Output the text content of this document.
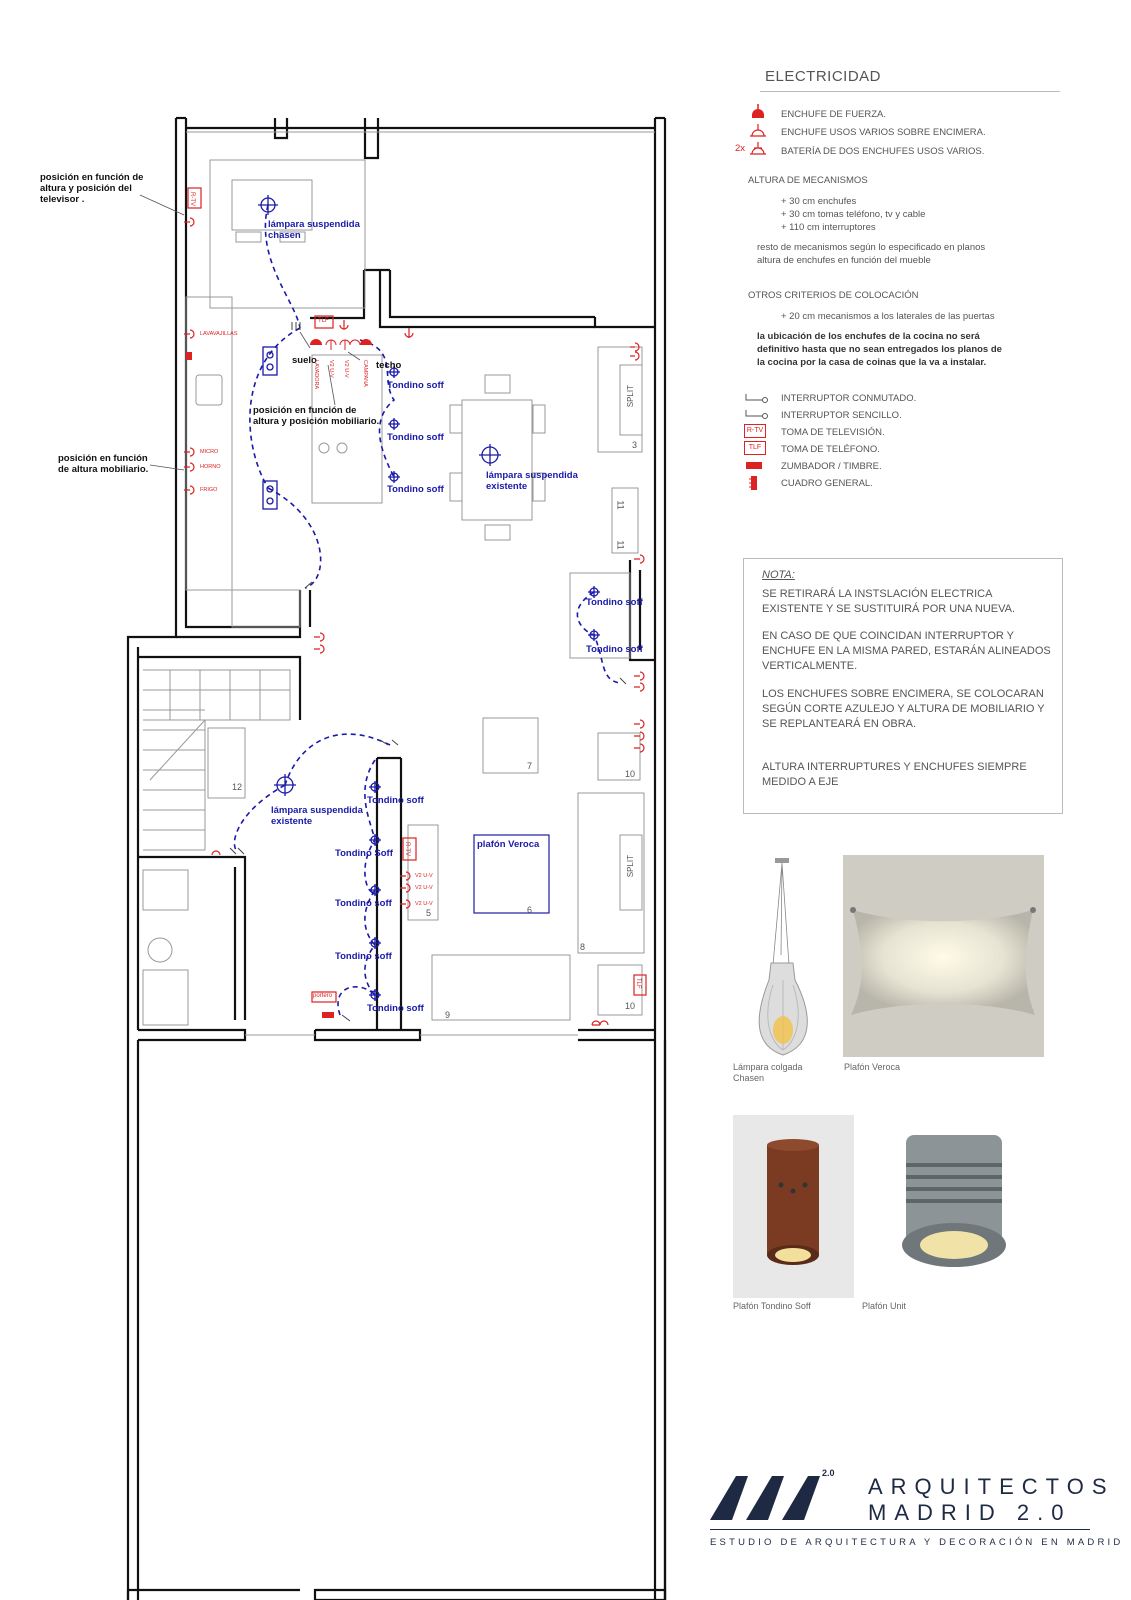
posición en función de
altura y posición del
televisor .
posición en función
de altura mobiliario.
posición en función de
altura y posición mobiliario.
suelo	techo
lámpara suspendida
chasen
lámpara suspendida
existente
lámpara suspendida
existente
plafón Veroca
Tondino soff
Tondino soff
Tondino soff
Tondino soff
Tondino soff
Tondino soff
Tondino Soff
Tondino soff
Tondino soff
Tondino soff
LAVAVAJILLAS
MICRO
HORNO
FRIGO
LAVADORA V2 U-V V2 U-V CAMPANA
V2 U-V
V2 U-V
V2 U-V
R-TV
R-TV
TLF
TLF
portero
SPLIT
SPLIT
3
11
11
7
10
12
5	6
8
9
10
ELECTRICIDAD
ENCHUFE DE FUERZA.
ENCHUFE USOS VARIOS SOBRE ENCIMERA.
2x	BATERÍA DE DOS ENCHUFES USOS VARIOS.
ALTURA DE MECANISMOS
+ 30 cm enchufes
+ 30 cm tomas teléfono, tv y cable
+ 110 cm interruptores
resto de mecanismos según lo especificado en planos
altura de enchufes en función del mueble
OTROS CRITERIOS DE COLOCACIÓN
+ 20 cm mecanismos a los laterales de las puertas
la ubicación de los enchufes de la cocina no será
definitivo hasta que no sean entregados los planos de
la cocina por la casa de coinas que la va a instalar.
INTERRUPTOR CONMUTADO.
INTERRUPTOR SENCILLO.
R-TV TOMA DE TELEVISIÓN.
TLF	TOMA DE TELÉFONO.
ZUMBADOR / TIMBRE.
CUADRO GENERAL.
NOTA:

SE RETIRARÁ LA INSTSLACIÓN ELECTRICA EXISTENTE Y SE SUSTITUIRÁ POR UNA NUEVA.

EN CASO DE QUE COINCIDAN INTERRUPTOR Y ENCHUFE EN LA MISMA PARED, ESTARÁN ALINEADOS VERTICALMENTE.

LOS ENCHUFES SOBRE ENCIMERA, SE COLOCARAN SEGÚN CORTE AZULEJO Y ALTURA DE MOBILIARIO Y SE REPLANTEARÁ EN OBRA.

ALTURA INTERRUPTURES Y ENCHUFES SIEMPRE MEDIDO A EJE

Lámpara colgada
Chasen
Plafón Veroca
Plafón Tondino Soff	Plafón Unit
2.0
ARQUITECTOS
MADRID 2.0
ESTUDIO DE ARQUITECTURA Y DECORACIÓN EN MADRID
